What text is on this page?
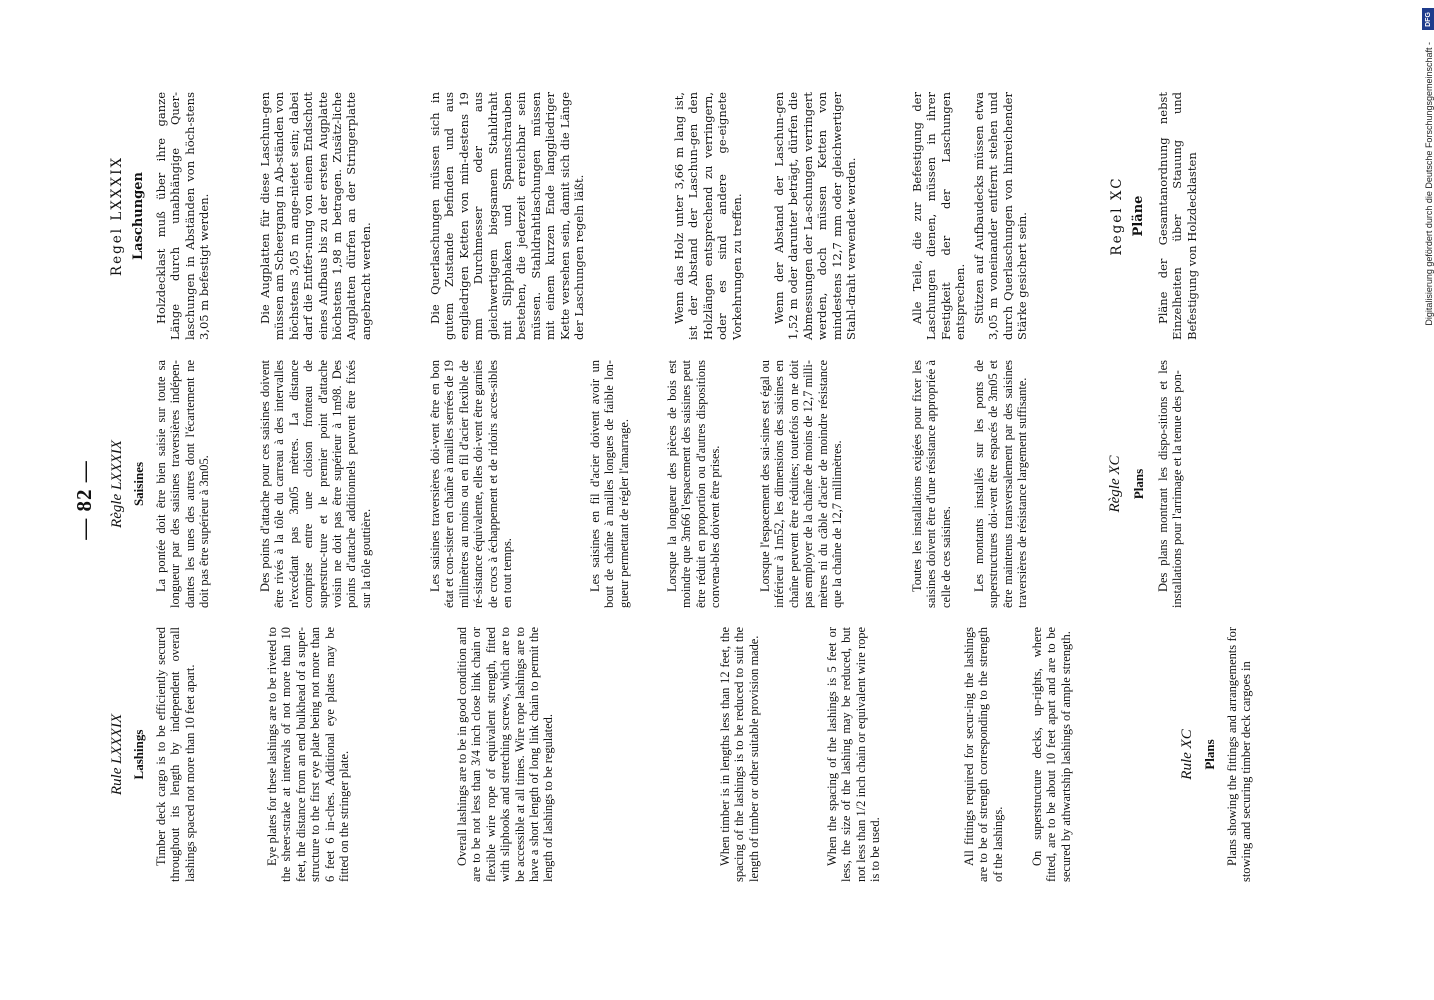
— 82 —
Rule LXXXIX Lashings Timber deck cargo is to be efficiently secured throughout its length by independent overall lashings spaced not more than 10 feet apart.	Eye plates for these lashings are to be riveted to the sheer-strake at intervals of not more than 10 feet, the distance from an end bulkhead of a super-structure to the first eye plate being not more than 6 feet 6 in-ches. Additional eye plates may be fitted on the stringer plate.	Overall lashings are to be in good condition and are to be not less than 3/4 inch close link chain or flexible wire rope of equivalent strength, fitted with sliphooks and stretching screws, which are to be accessible at all times. Wire rope lashings are to have a short length of long link chain to permit the length of lashings to be regulated.	When timber is in lengths less than 12 feet, the spacing of the lashings is to be reduced to suit the length of timber or other suitable provision made.	When the spacing of the lashings is 5 feet or less, the size of the lashing may be reduced, but not less than 1/2 inch chain or equivalent wire rope is to be used.	All fittings required for secur-ing the lashings are to be of strength corresponding to the strength of the lashings. On superstructure decks, up-rights, where fitted, are to be about 10 feet apart and are to be secured by athwartship lashings of ample strength.	Rule XC Plans Plans showing the fittings and arrangements for stowing and securing timber deck cargoes in

Règle LXXXIX Saisines La pontée doit être bien saisie sur toute sa longueur par des saisines traversières indépen-dantes les unes des autres dont l'écartement ne doit pas être supérieur à 3m05.	Des points d'attache pour ces saisines doivent être rivés à la tôle du carreau à des intervalles n'excédant pas 3m05 mètres. La distance comprise entre une cloison fronteau de superstruc-ture et le premier point d'attache voisin ne doit pas être supérieur à 1m98. Des points d'attache additionnels peuvent être fixés sur la tôle gouttière.	Les saisines traversières doi-vent être en bon état et con-sister en chaîne à mailles serrées de 19 millimètres au moins ou en fil d'acier flexible de ré-sistance équivalente, elles doi-vent être garnies de crocs à échappement et de ridoirs acces-sibles en tout temps.	Les saisines en fil d'acier doivent avoir un bout de chaîne à mailles longues de faible lon-gueur permettant de régler l'amarrage.	Lorsque la longueur des pièces de bois est moindre que 3m66 l'espacement des saisines peut être réduit en proportion ou d'autres dispositions convena-bles doivent être prises.	Lorsque l'espacement des sai-sines est égal ou inférieur à 1m52, les dimensions des saisines en chaîne peuvent être réduites; toutefois on ne doit pas employer de la chaîne de moins de 12,7 milli-mètres ni du câble d'acier de moindre résistance que la chaîne de 12,7 millimètres.	Toutes les installations exigées pour fixer les saisines doivent être d'une résistance appropriée à celle de ces saisines. Les montants installés sur les ponts de superstructures doi-vent être espacés de 3m05 et être maintenus transversalement par des saisines traversières de résistance largement suffisante.	Règle XC Plans Des plans montrant les dispo-sitions et les installations pour l'arrimage et la tenue des pon-

Regel LXXXIX Laschungen Holzdecklast muß über ihre ganze Länge durch unabhängige Quer-laschungen in Abständen von höch-stens 3,05 m befestigt werden.	Die Augplatten für diese Laschun-gen müssen am Scheergang in Ab-ständen von höchstens 3,05 m ange-nietet sein; dabei darf die Entfer-nung von einem Endschott eines Aufbaus bis zu der ersten Augplatte höchstens 1,98 m betragen. Zusätz-liche Augplatten dürfen an der Stringerplatte angebracht werden.	Die Querlaschungen müssen sich in gutem Zustande befinden und aus engliedrigen Ketten von min-destens 19 mm Durchmesser oder aus gleichwertigem biegsamem Stahldraht mit Slipphaken und Spannschrauben bestehen, die jederzeit erreichbar sein müssen. Stahldrahtlaschungen müssen mit einem kurzen Ende langgliedriger Kette versehen sein, damit sich die Länge der Laschungen regeln läßt.	Wenn das Holz unter 3,66 m lang ist, ist der Abstand der Laschun-gen den Holzlängen entsprechend zu verringern, oder es sind andere ge-eignete Vorkehrungen zu treffen. Wenn der Abstand der Laschun-gen 1,52 m oder darunter beträgt, dürfen die Abmessungen der La-schungen verringert werden, doch müssen Ketten von mindestens 12,7 mm oder gleichwertiger Stahl-draht verwendet werden.	Alle Teile, die zur Befestigung der Laschungen dienen, müssen in ihrer Festigkeit der der Laschungen entsprechen. Stützen auf Aufbaudecks müssen etwa 3,05 m voneinander entfernt stehen und durch Querlaschungen von hinreichender Stärke gesichert sein.	Regel XC Pläne Pläne der Gesamtanordnung nebst Einzelheiten über Stauung und Befestigung von Holzdecklasten	Digitalisierung gefördert durch die Deutsche Forschungsgemeinschaft -
DFG
